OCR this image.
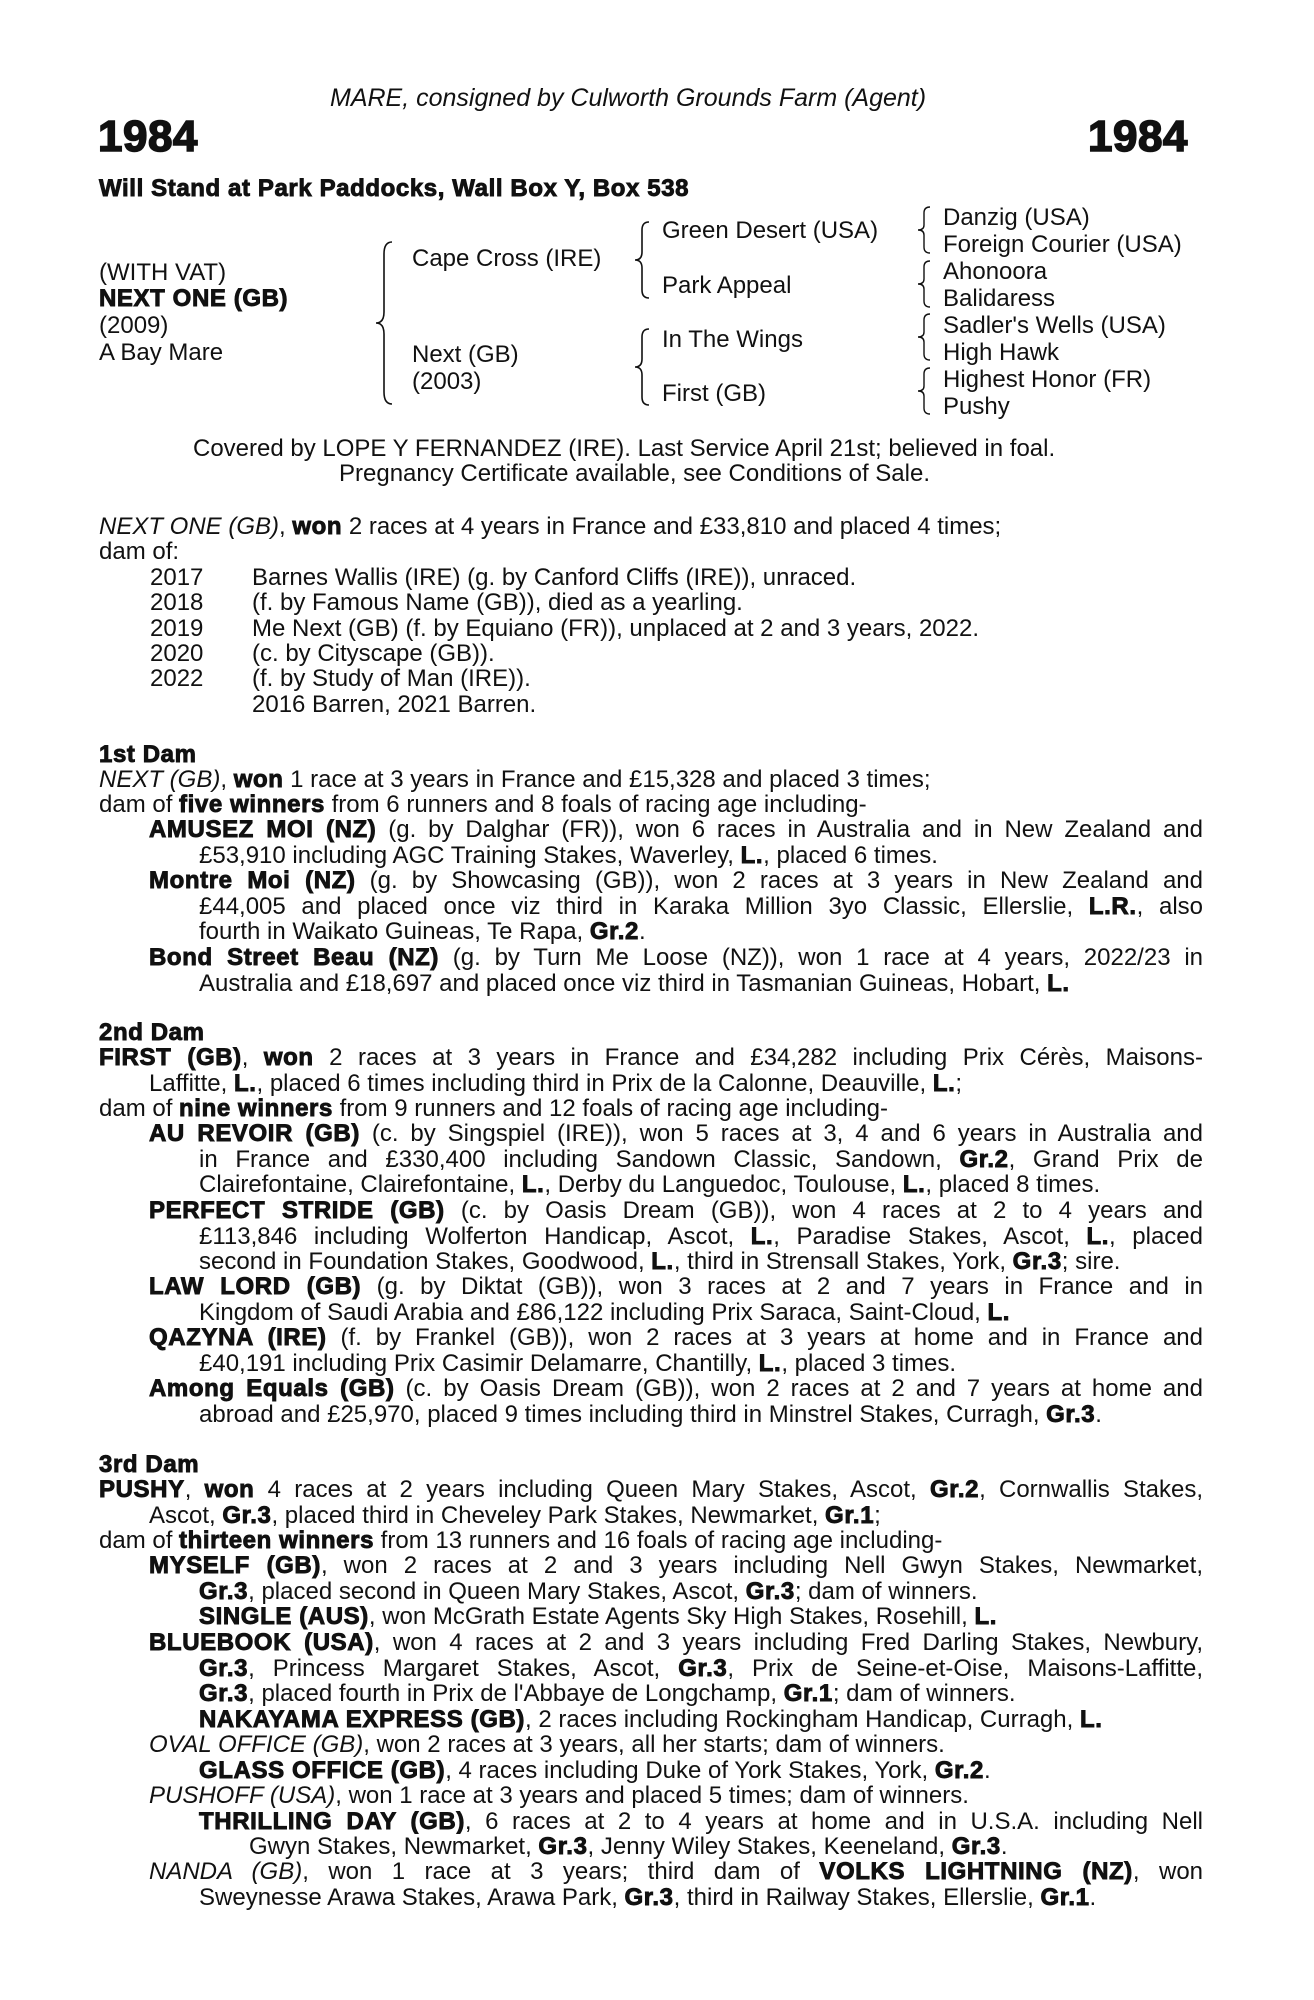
MARE, consigned by Culworth Grounds Farm (Agent)
1984	1984
Will Stand at Park Paddocks, Wall Box Y, Box 538
(WITH VAT)
NEXT ONE (GB)
(2009)
A Bay Mare
Cape Cross (IRE)
Next (GB)
(2003)
Green Desert (USA)
Park Appeal
In The Wings
First (GB)
Danzig (USA)
Foreign Courier (USA)
Ahonoora
Balidaress
Sadler's Wells (USA)
High Hawk
Highest Honor (FR)
Pushy
Covered by LOPE Y FERNANDEZ (IRE). Last Service April 21st; believed in foal.
Pregnancy Certificate available, see Conditions of Sale.
NEXT ONE (GB), won 2 races at 4 years in France and £33,810 and placed 4 times;
dam of:
2017 Barnes Wallis (IRE) (g. by Canford Cliffs (IRE)), unraced.
2018 (f. by Famous Name (GB)), died as a yearling.
2019 Me Next (GB) (f. by Equiano (FR)), unplaced at 2 and 3 years, 2022.
2020 (c. by Cityscape (GB)).
2022 (f. by Study of Man (IRE)).
2016 Barren, 2021 Barren.
1st Dam
NEXT (GB), won 1 race at 3 years in France and £15,328 and placed 3 times;
dam of five winners from 6 runners and 8 foals of racing age including-
AMUSEZ MOI (NZ) (g. by Dalghar (FR)), won 6 races in Australia and in New Zealand and
£53,910 including AGC Training Stakes, Waverley, L., placed 6 times.
Montre Moi (NZ) (g. by Showcasing (GB)), won 2 races at 3 years in New Zealand and
£44,005 and placed once viz third in Karaka Million 3yo Classic, Ellerslie, L.R., also
fourth in Waikato Guineas, Te Rapa, Gr.2.
Bond Street Beau (NZ) (g. by Turn Me Loose (NZ)), won 1 race at 4 years, 2022/23 in
Australia and £18,697 and placed once viz third in Tasmanian Guineas, Hobart, L.
2nd Dam
FIRST (GB), won 2 races at 3 years in France and £34,282 including Prix Cérès, Maisons-
Laffitte, L., placed 6 times including third in Prix de la Calonne, Deauville, L.;
dam of nine winners from 9 runners and 12 foals of racing age including-
AU REVOIR (GB) (c. by Singspiel (IRE)), won 5 races at 3, 4 and 6 years in Australia and
in France and £330,400 including Sandown Classic, Sandown, Gr.2, Grand Prix de
Clairefontaine, Clairefontaine, L., Derby du Languedoc, Toulouse, L., placed 8 times.
PERFECT STRIDE (GB) (c. by Oasis Dream (GB)), won 4 races at 2 to 4 years and
£113,846 including Wolferton Handicap, Ascot, L., Paradise Stakes, Ascot, L., placed
second in Foundation Stakes, Goodwood, L., third in Strensall Stakes, York, Gr.3; sire.
LAW LORD (GB) (g. by Diktat (GB)), won 3 races at 2 and 7 years in France and in
Kingdom of Saudi Arabia and £86,122 including Prix Saraca, Saint-Cloud, L.
QAZYNA (IRE) (f. by Frankel (GB)), won 2 races at 3 years at home and in France and
£40,191 including Prix Casimir Delamarre, Chantilly, L., placed 3 times.
Among Equals (GB) (c. by Oasis Dream (GB)), won 2 races at 2 and 7 years at home and
abroad and £25,970, placed 9 times including third in Minstrel Stakes, Curragh, Gr.3.
3rd Dam
PUSHY, won 4 races at 2 years including Queen Mary Stakes, Ascot, Gr.2, Cornwallis Stakes,
Ascot, Gr.3, placed third in Cheveley Park Stakes, Newmarket, Gr.1;
dam of thirteen winners from 13 runners and 16 foals of racing age including-
MYSELF (GB), won 2 races at 2 and 3 years including Nell Gwyn Stakes, Newmarket,
Gr.3, placed second in Queen Mary Stakes, Ascot, Gr.3; dam of winners.
SINGLE (AUS), won McGrath Estate Agents Sky High Stakes, Rosehill, L.
BLUEBOOK (USA), won 4 races at 2 and 3 years including Fred Darling Stakes, Newbury,
Gr.3, Princess Margaret Stakes, Ascot, Gr.3, Prix de Seine-et-Oise, Maisons-Laffitte,
Gr.3, placed fourth in Prix de l'Abbaye de Longchamp, Gr.1; dam of winners.
NAKAYAMA EXPRESS (GB), 2 races including Rockingham Handicap, Curragh, L.
OVAL OFFICE (GB), won 2 races at 3 years, all her starts; dam of winners.
GLASS OFFICE (GB), 4 races including Duke of York Stakes, York, Gr.2.
PUSHOFF (USA), won 1 race at 3 years and placed 5 times; dam of winners.
THRILLING DAY (GB), 6 races at 2 to 4 years at home and in U.S.A. including Nell
Gwyn Stakes, Newmarket, Gr.3, Jenny Wiley Stakes, Keeneland, Gr.3.
NANDA (GB), won 1 race at 3 years; third dam of VOLKS LIGHTNING (NZ), won
Sweynesse Arawa Stakes, Arawa Park, Gr.3, third in Railway Stakes, Ellerslie, Gr.1.
